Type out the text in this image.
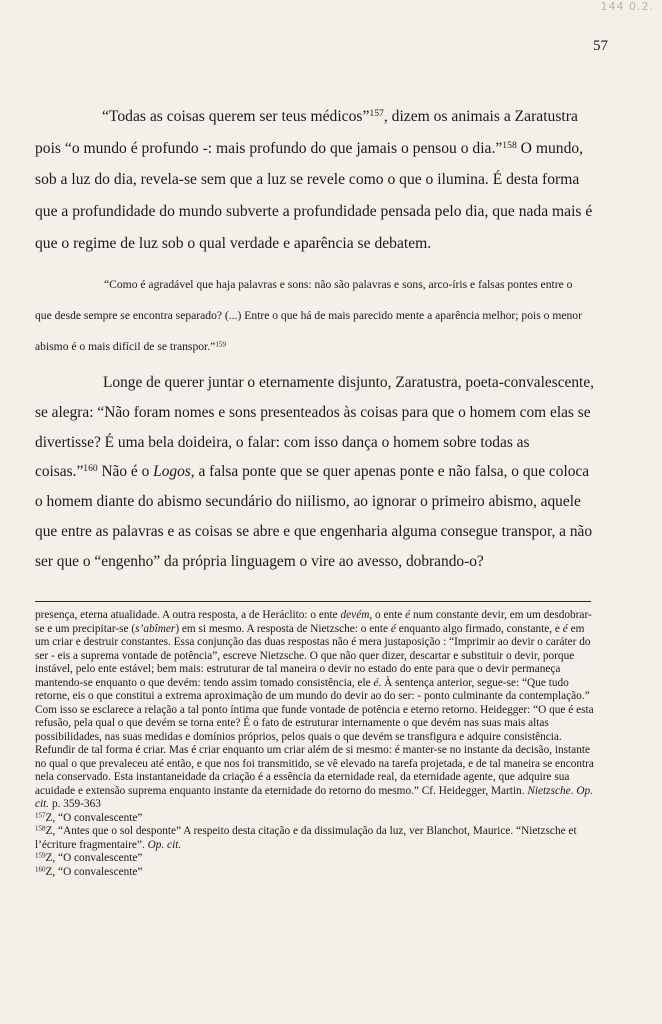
144 0.2.
57
“Todas as coisas querem ser teus médicos”$^{157}$, dizem os animais a Zaratustra pois “o mundo é profundo -: mais profundo do que jamais o pensou o dia.”$^{158}$ O mundo, sob a luz do dia, revela-se sem que a luz se revele como o que o ilumina. É desta forma que a profundidade do mundo subverte a profundidade pensada pelo dia, que nada mais é que o regime de luz sob o qual verdade e aparência se debatem.
“Como é agradável que haja palavras e sons: não são palavras e sons, arco-íris e falsas pontes entre o que desde sempre se encontra separado? (...) Entre o que há de mais parecido mente a aparência melhor; pois o menor abismo é o mais difícil de se transpor.”$^{159}$
Longe de querer juntar o eternamente disjunto, Zaratustra, poeta-convalescente, se alegra: “Não foram nomes e sons presenteados às coisas para que o homem com elas se divertisse? É uma bela doideira, o falar: com isso dança o homem sobre todas as coisas.”$^{160}$ Não é o Logos, a falsa ponte que se quer apenas ponte e não falsa, o que coloca o homem diante do abismo secundário do niilismo, ao ignorar o primeiro abismo, aquele que entre as palavras e as coisas se abre e que engenharia alguma consegue transpor, a não ser que o “engenho” da própria linguagem o vire ao avesso, dobrando-o?
presença, eterna atualidade. A outra resposta, a de Heráclito: o ente devém, o ente é num constante devir, em um desdobrar-se e um precipitar-se (s’abîmer) em si mesmo. A resposta de Nietzsche: o ente é enquanto algo firmado, constante, e é em um criar e destruir constantes. Essa conjunção das duas respostas não é mera justaposição : “Imprimir ao devir o caráter do ser - eis a suprema vontade de potência”, escreve Nietzsche. O que não quer dizer, descartar e substituir o devir, porque instável, pelo ente estável; bem mais: estruturar de tal maneira o devir no estado do ente para que o devir permaneça mantendo-se enquanto o que devém: tendo assim tomado consistência, ele é. À sentença anterior, segue-se: “Que tudo retorne, eis o que constitui a extrema aproximação de um mundo do devir ao do ser: - ponto culminante da contemplação.” Com isso se esclarece a relação a tal ponto íntima que funde vontade de potência e eterno retorno. Heidegger: “O que é esta refusão, pela qual o que devém se torna ente? É o fato de estruturar internamente o que devém nas suas mais altas possibilidades, nas suas medidas e domínios próprios, pelos quais o que devém se transfigura e adquire consistência. Refundir de tal forma é criar. Mas é criar enquanto um criar além de si mesmo: é manter-se no instante da decisão, instante no qual o que prevaleceu até então, e que nos foi transmitido, se vê elevado na tarefa projetada, e de tal maneira se encontra nela conservado. Esta instantaneidade da criação é a essência da eternidade real, da eternidade agente, que adquire sua acuidade e extensão suprema enquanto instante da eternidade do retorno do mesmo.” Cf. Heidegger, Martin. Nietzsche. Op. cit. p. 359-363
$^{157}$Z, “O convalescente”
$^{158}$Z, “Antes que o sol desponte” A respeito desta citação e da dissimulação da luz, ver Blanchot, Maurice. “Nietzsche et l’écriture fragmentaire”. Op. cit.
$^{159}$Z, “O convalescente”
$^{160}$Z, “O convalescente”
